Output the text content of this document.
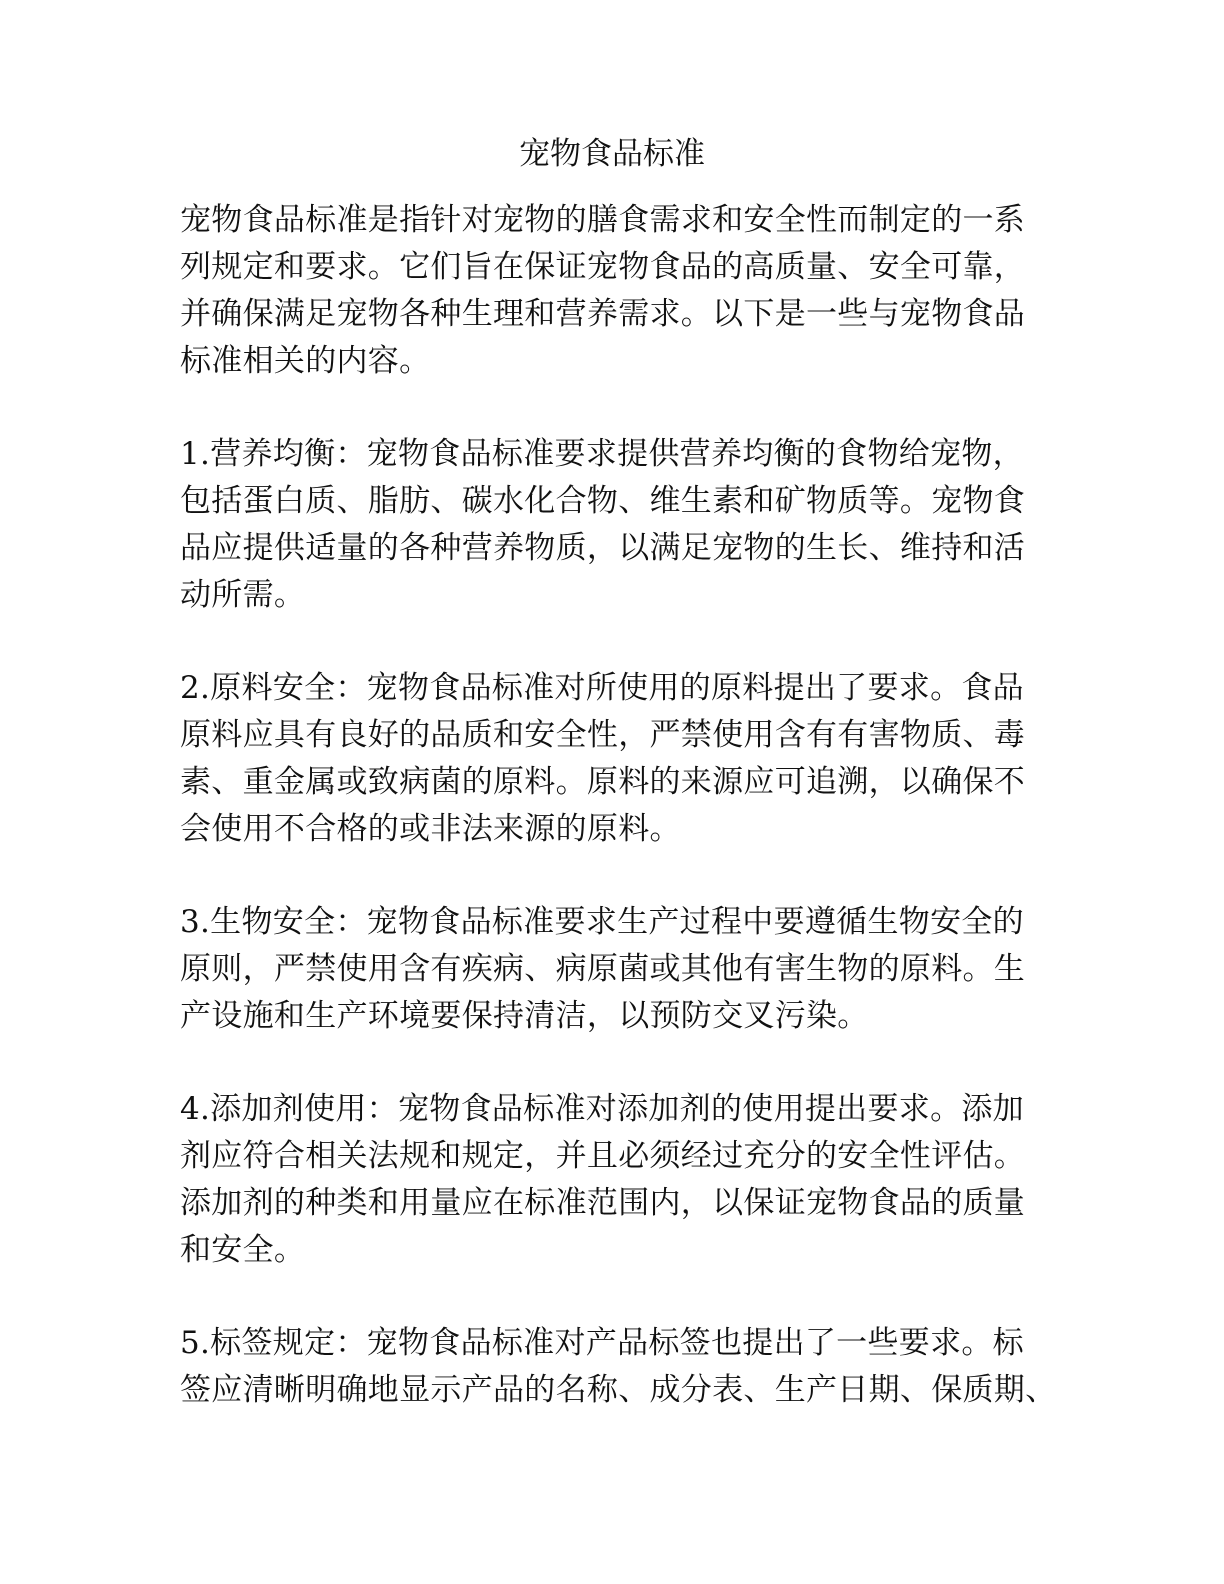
宠物食品标准

宠物食品标准是指针对宠物的膳食需求和安全性而制定的一系
列规定和要求。它们旨在保证宠物食品的高质量、安全可靠，
并确保满足宠物各种生理和营养需求。以下是一些与宠物食品
标准相关的内容。

1.营养均衡：宠物食品标准要求提供营养均衡的食物给宠物，
包括蛋白质、脂肪、碳水化合物、维生素和矿物质等。宠物食
品应提供适量的各种营养物质，以满足宠物的生长、维持和活
动所需。

2.原料安全：宠物食品标准对所使用的原料提出了要求。食品
原料应具有良好的品质和安全性，严禁使用含有有害物质、毒
素、重金属或致病菌的原料。原料的来源应可追溯，以确保不
会使用不合格的或非法来源的原料。

3.生物安全：宠物食品标准要求生产过程中要遵循生物安全的
原则，严禁使用含有疾病、病原菌或其他有害生物的原料。生
产设施和生产环境要保持清洁，以预防交叉污染。

4.添加剂使用：宠物食品标准对添加剂的使用提出要求。添加
剂应符合相关法规和规定，并且必须经过充分的安全性评估。
添加剂的种类和用量应在标准范围内，以保证宠物食品的质量
和安全。

5.标签规定：宠物食品标准对产品标签也提出了一些要求。标
签应清晰明确地显示产品的名称、成分表、生产日期、保质期、
